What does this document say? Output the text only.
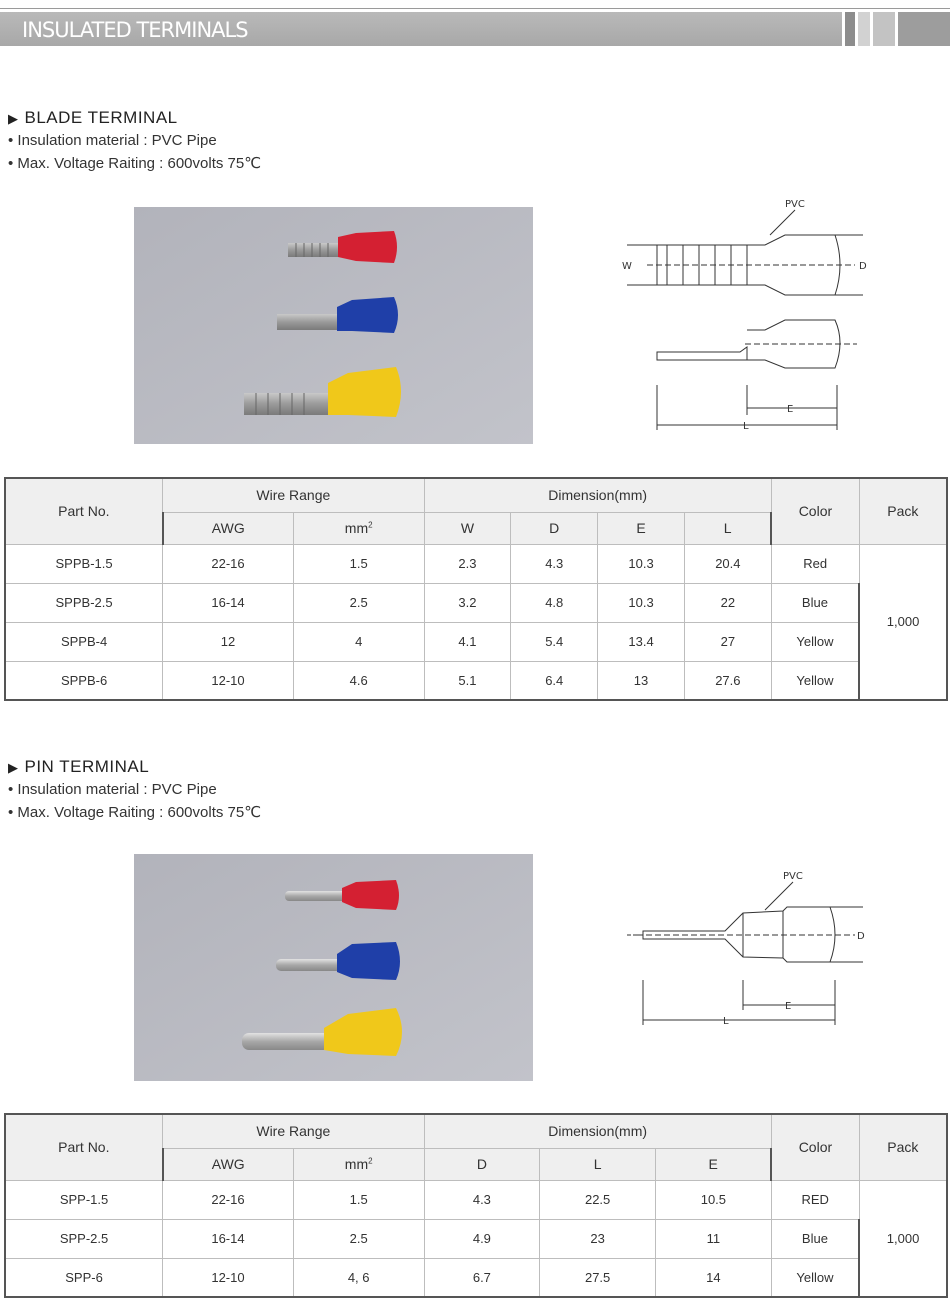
INSULATED TERMINALS
▶ BLADE TERMINAL
• Insulation material : PVC Pipe
• Max. Voltage Raiting : 600volts 75℃
PVC
W	D
E
L
Part No.	Wire Range		Dimension(mm)				Color	Pack
	AWG	$mm^2$	W	D	E	L		
SPPB-1.5	22-16	1.5	2.3	4.3	10.3	20.4	Red	1,000
SPPB-2.5	16-14	2.5	3.2	4.8	10.3	22	Blue	
SPPB-4	12	4	4.1	5.4	13.4	27	Yellow	
SPPB-6	12-10	4.6	5.1	6.4	13	27.6	Yellow	
▶ PIN TERMINAL
• Insulation material : PVC Pipe
• Max. Voltage Raiting : 600volts 75℃
PVC
D
E
L
Part No.	Wire Range		Dimension(mm)			Color	Pack
	AWG	$mm^2$	D	L	E		
SPP-1.5	22-16	1.5	4.3	22.5	10.5	RED	1,000
SPP-2.5	16-14	2.5	4.9	23	11	Blue	
SPP-6	12-10	4, 6	6.7	27.5	14	Yellow	
